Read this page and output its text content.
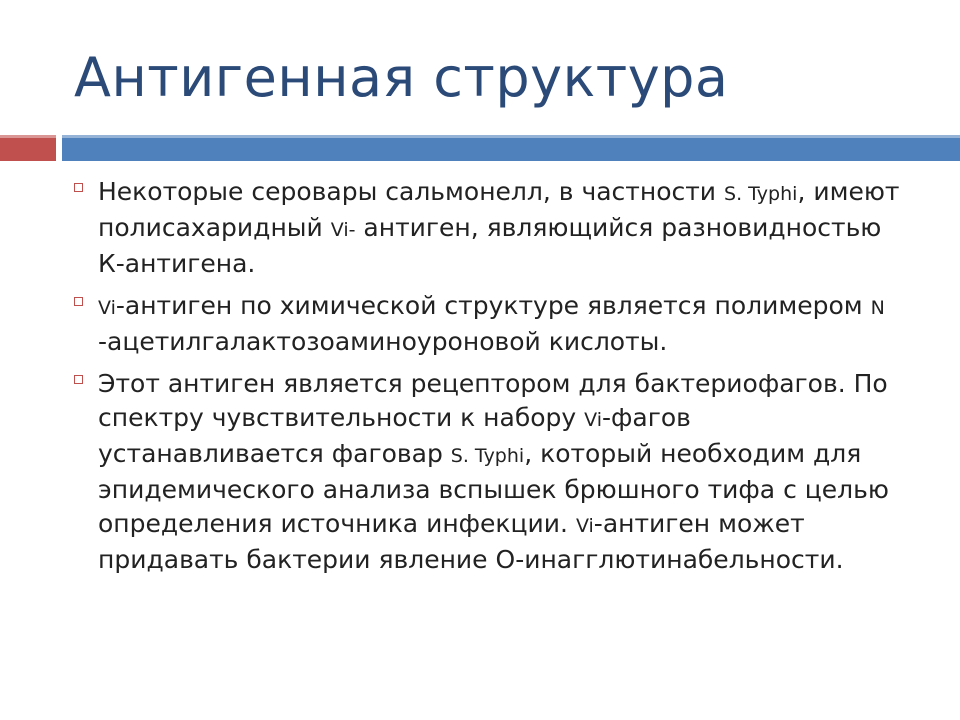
Антигенная структура
Некоторые серовары сальмонелл, в частности S. Typhi, имеют полисахаридный Vi- антиген, являющийся разновидностью К-антигена.
Vi-антиген по химической структуре является полимером N -ацетилгалактозоаминоуроновой кислоты.
Этот антиген является рецептором для бактериофагов. По спектру чувствительности к набору Vi-фагов устанавливается фаговар S. Typhi, который необходим для эпидемического анализа вспышек брюшного тифа с целью определения источника инфекции. Vi-антиген может придавать бактерии явление О-инагглютинабельности.
